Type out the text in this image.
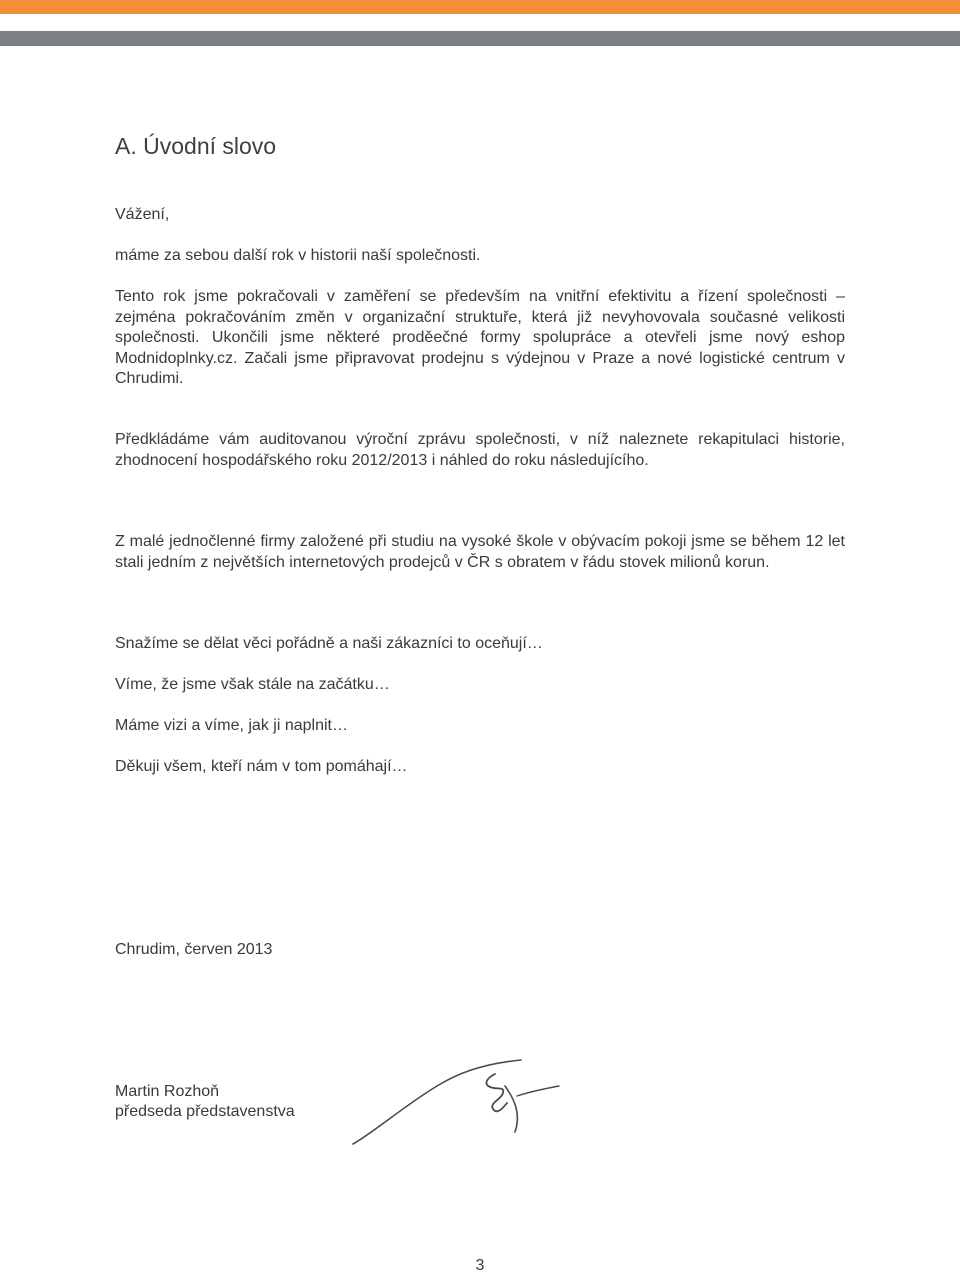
A. Úvodní slovo

Vážení,

máme za sebou další rok v historii naší společnosti.

Tento rok jsme pokračovali v zaměření se především na vnitřní efektivitu a řízení společnosti – zejména pokračováním změn v organizační struktuře, která již nevyhovovala současné velikosti společnosti. Ukončili jsme některé proděečné formy spolupráce a otevřeli jsme nový eshop Modnidoplnky.cz. Začali jsme připravovat prodejnu s výdejnou v Praze a nové logistické centrum v Chrudimi.

Předkládáme vám auditovanou výroční zprávu společnosti, v níž naleznete rekapitulaci historie, zhodnocení hospodářského roku 2012/2013 i náhled do roku následujícího.

Z malé jednočlenné firmy založené při studiu na vysoké škole v obývacím pokoji jsme se během 12 let stali jedním z největších internetových prodejců v ČR s obratem v řádu stovek milionů korun.

Snažíme se dělat věci pořádně a naši zákazníci to oceňují…

Víme, že jsme však stále na začátku…

Máme vizi a víme, jak ji naplnit…

Děkuji všem, kteří nám v tom pomáhají…

Chrudim, červen 2013

Martin Rozhoň

předseda představenstva

3
